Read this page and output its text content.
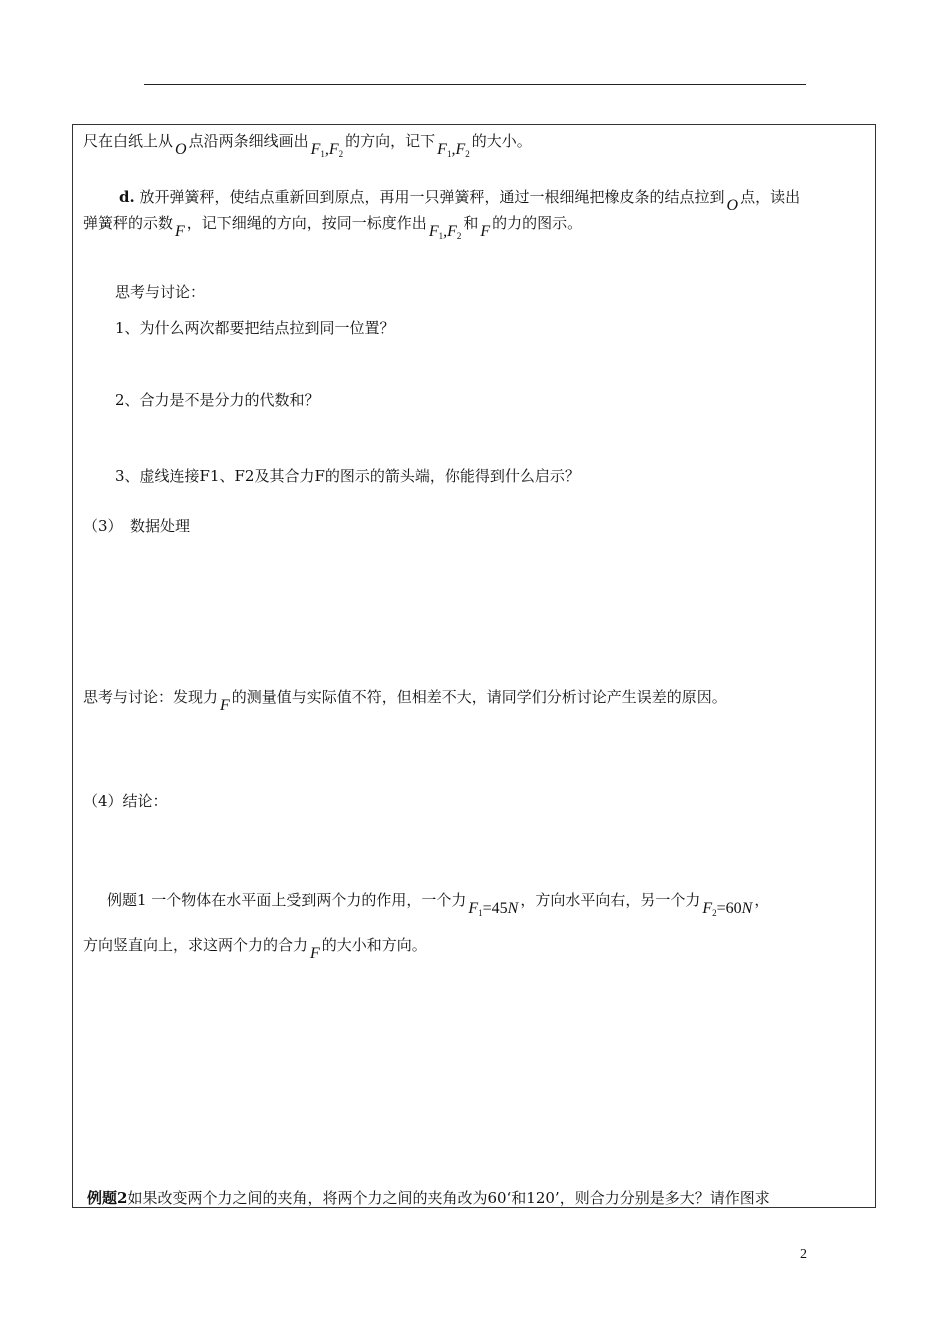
尺在白纸上从 O 点沿两条细线画出 $F_1,F_2$的方向，记下 $F_1,F_2$的大小。
d. 放开弹簧秤，使结点重新回到原点，再用一只弹簧秤，通过一根细绳把橡皮条的结点拉到 O 点，读出
弹簧秤的示数 F ，记下细绳的方向，按同一标度作出 $F_1,F_2$和 F 的力的图示。
思考与讨论：
1、为什么两次都要把结点拉到同一位置？
2、合力是不是分力的代数和？
3、虚线连接F1、F2及其合力F的图示的箭头端，你能得到什么启示？
（3）　数据处理
思考与讨论：发现力 F 的测量值与实际值不符，但相差不大，请同学们分析讨论产生误差的原因。
（4）结论：
例题1 一个物体在水平面上受到两个力的作用，一个力 $F_1=45N$ ，方向水平向右，另一个力 $F_2=60N$ ，
方向竖直向上，求这两个力的合力 F 的大小和方向。
例题2如果改变两个力之间的夹角，将两个力之间的夹角改为60‘和120’，则合力分别是多大？请作图求
2
